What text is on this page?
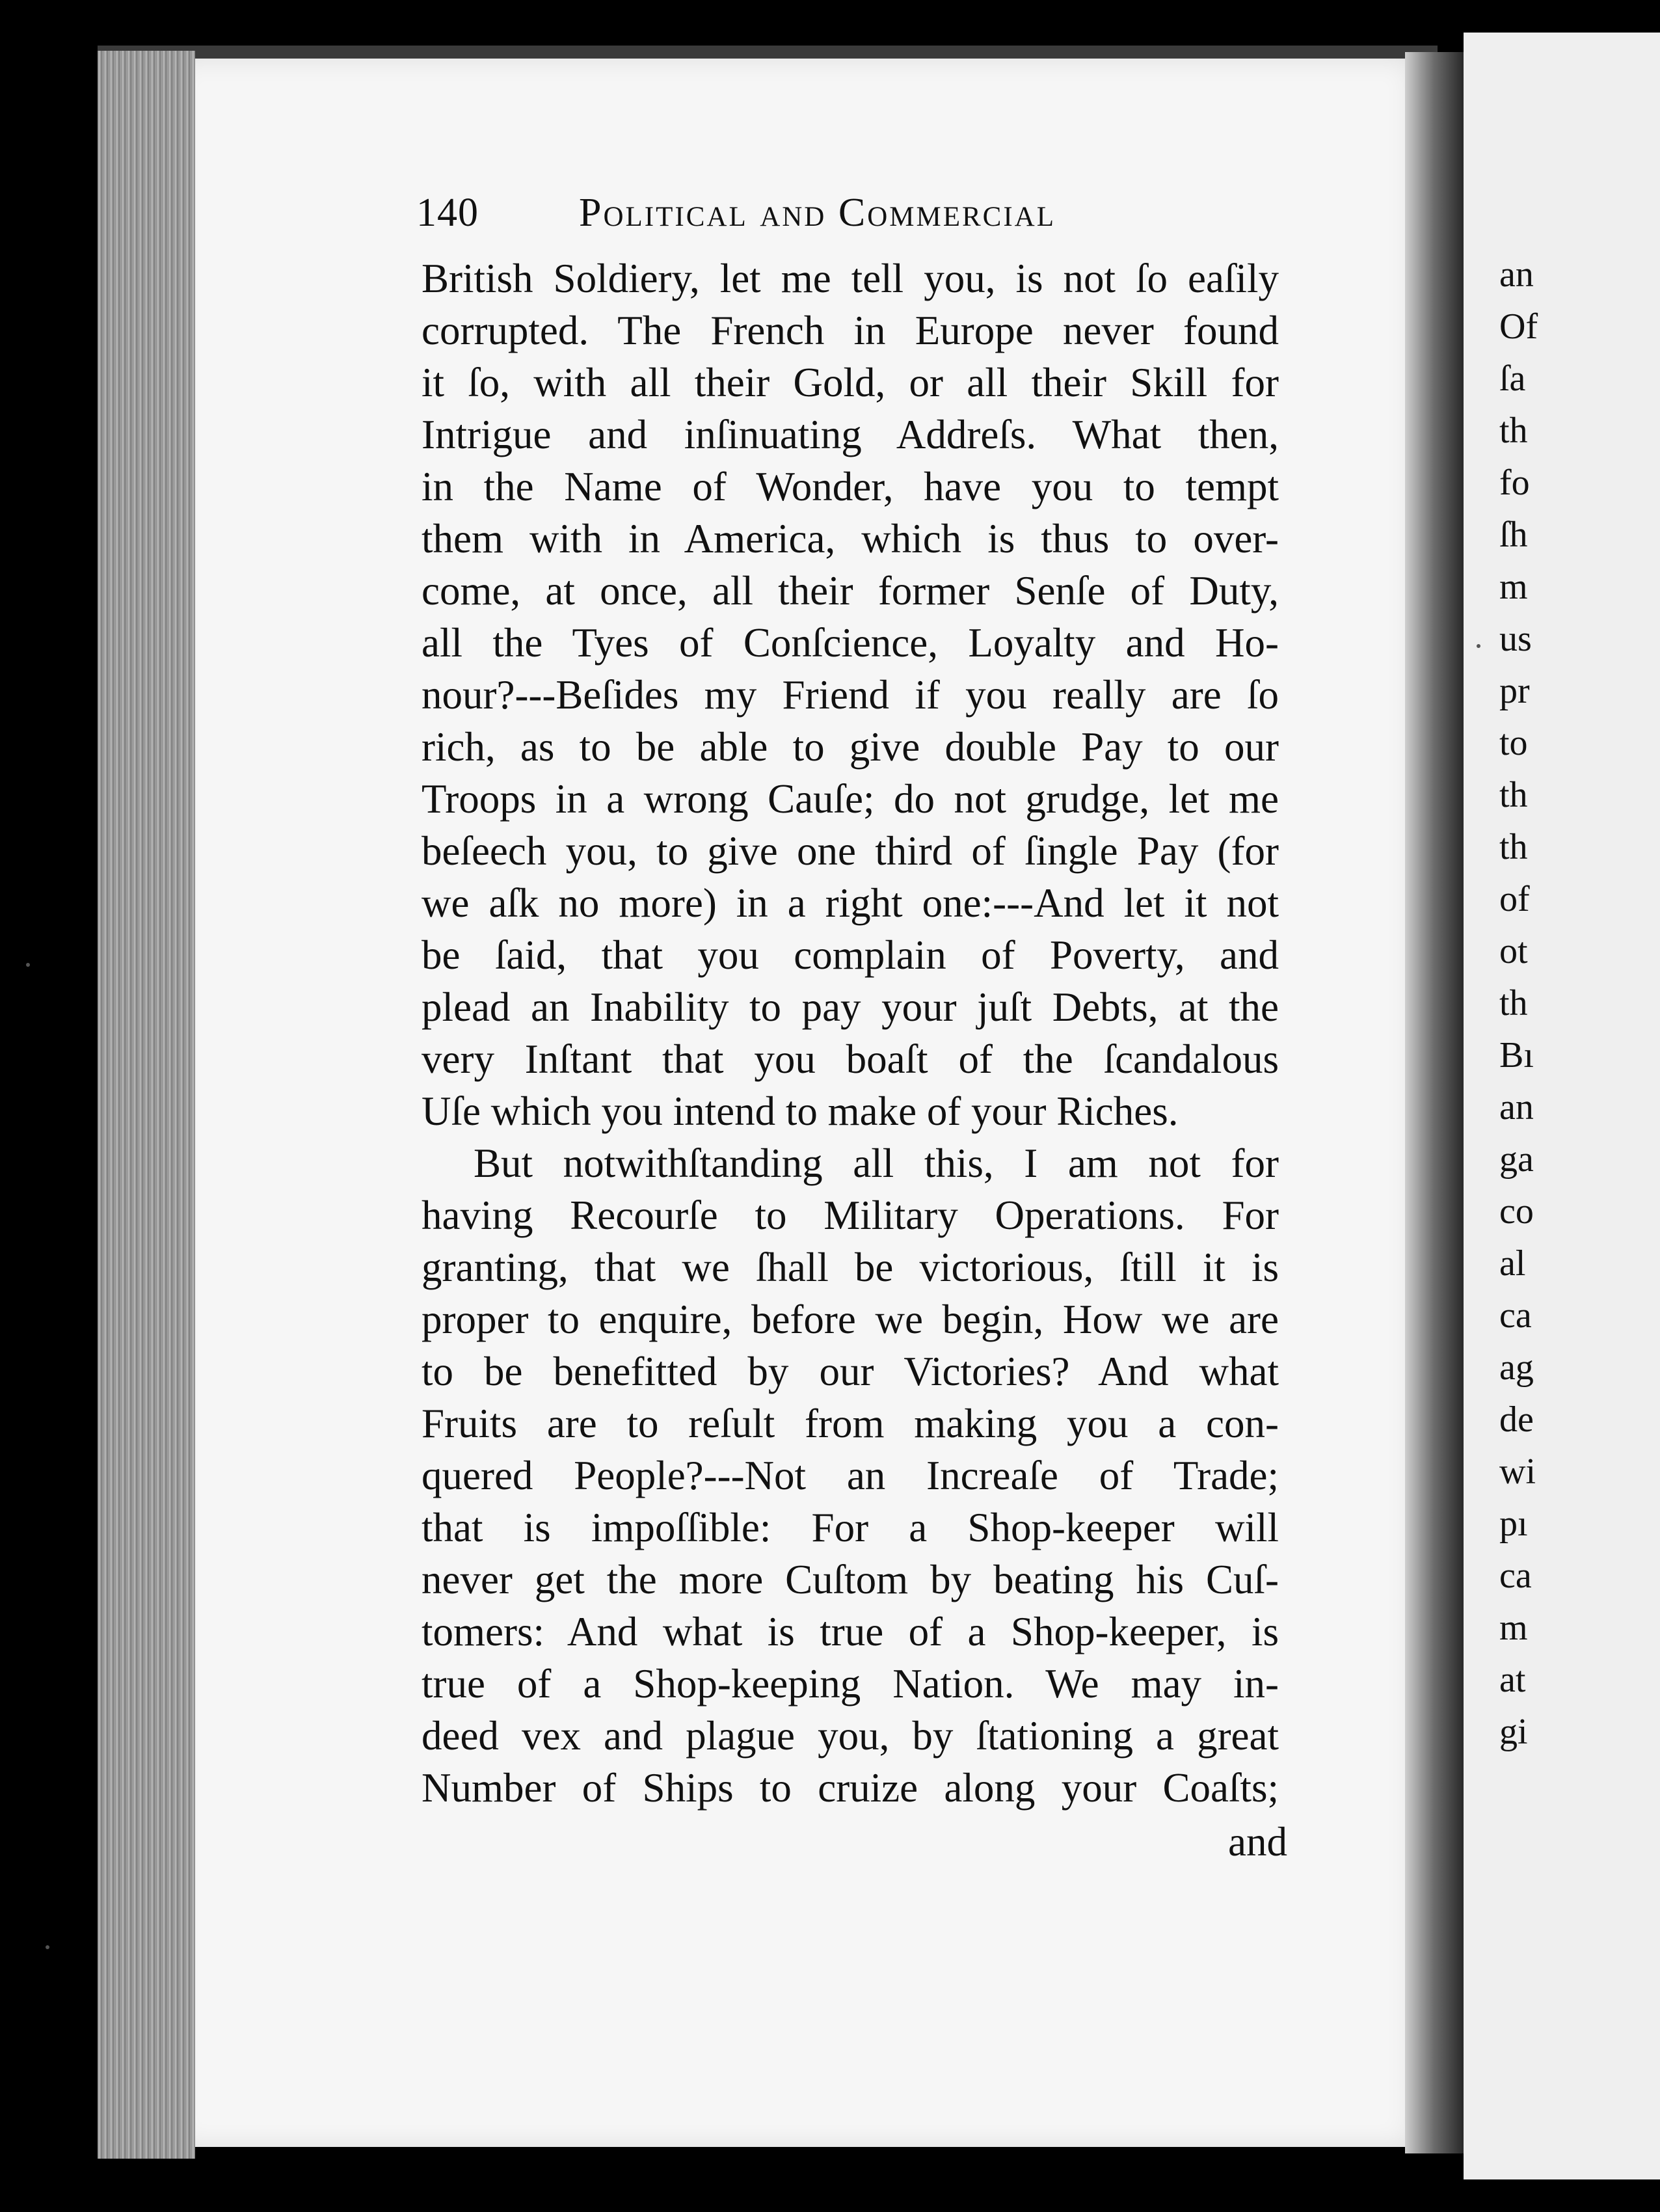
140 Political and Commercial
British Soldiery, let me tell you, is not ſo eaſily
corrupted. The French in Europe never found
it ſo, with all their Gold, or all their Skill for
Intrigue and inſinuating Addreſs. What then,
in the Name of Wonder, have you to tempt
them with in America, which is thus to over-
come, at once, all their former Senſe of Duty,
all the Tyes of Conſcience, Loyalty and Ho-
nour?---Beſides my Friend if you really are ſo
rich, as to be able to give double Pay to our
Troops in a wrong Cauſe; do not grudge, let me
beſeech you, to give one third of ſingle Pay (for
we aſk no more) in a right one:---And let it not
be ſaid, that you complain of Poverty, and
plead an Inability to pay your juſt Debts, at the
very Inſtant that you boaſt of the ſcandalous
Uſe which you intend to make of your Riches.
But notwithſtanding all this, I am not for
having Recourſe to Military Operations. For
granting, that we ſhall be victorious, ſtill it is
proper to enquire, before we begin, How we are
to be benefitted by our Victories? And what
Fruits are to reſult from making you a con-
quered People?---Not an Increaſe of Trade;
that is impoſſible: For a Shop-keeper will
never get the more Cuſtom by beating his Cuſ-
tomers: And what is true of a Shop-keeper, is
true of a Shop-keeping Nation. We may in-
deed vex and plague you, by ſtationing a great
Number of Ships to cruize along your Coaſts;
and
an
Of
ſa
th
fo
ſh
m
us
pr
to
th
th
of
ot
th
Bı
an
ga
co
al
ca
ag
de
wi
pı
ca
m
at
gi
